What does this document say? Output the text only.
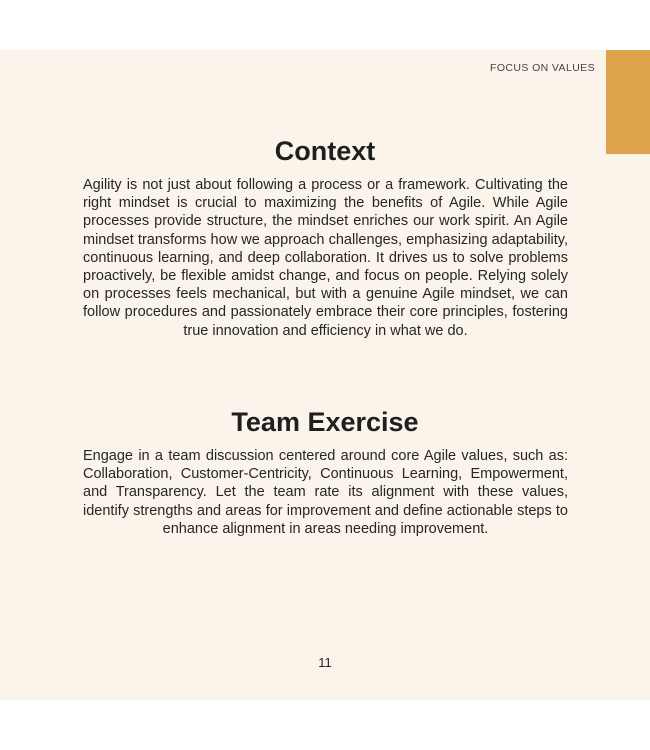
FOCUS ON VALUES
Context

Agility is not just about following a process or a framework. Cultivating the right mindset is crucial to maximizing the benefits of Agile. While Agile processes provide structure, the mindset enriches our work spirit. An Agile mindset transforms how we approach challenges, emphasizing adaptability, continuous learning, and deep collaboration. It drives us to solve problems proactively, be flexible amidst change, and focus on people. Relying solely on processes feels mechanical, but with a genuine Agile mindset, we can follow procedures and passionately embrace their core principles, fostering true innovation and efficiency in what we do.

Team Exercise

Engage in a team discussion centered around core Agile values, such as: Collaboration, Customer-Centricity, Continuous Learning, Empowerment, and Transparency. Let the team rate its alignment with these values, identify strengths and areas for improvement and define actionable steps to enhance alignment in areas needing improvement.

11
